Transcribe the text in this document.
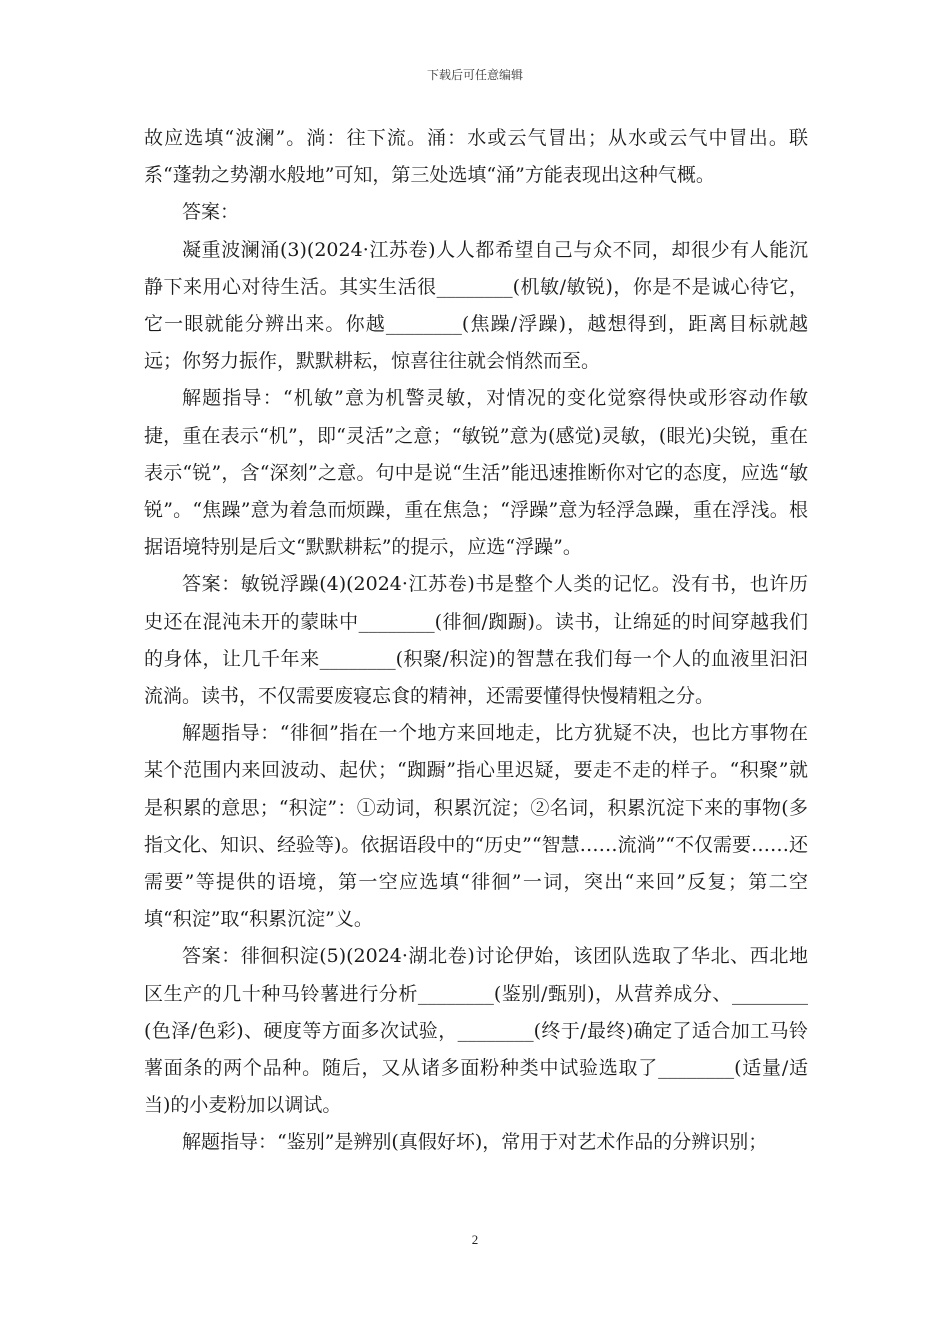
下载后可任意编辑

故应选填“波澜”。淌：往下流。涌：水或云气冒出；从水或云气中冒出。联系“蓬勃之势潮水般地”可知，第三处选填“涌”方能表现出这种气概。

答案：

凝重波澜涌(3)(2024·江苏卷)人人都希望自己与众不同，却很少有人能沉静下来用心对待生活。其实生活很________(机敏/敏锐)，你是不是诚心待它，它一眼就能分辨出来。你越________(焦躁/浮躁)，越想得到，距离目标就越远；你努力振作，默默耕耘，惊喜往往就会悄然而至。

解题指导：“机敏”意为机警灵敏，对情况的变化觉察得快或形容动作敏捷，重在表示“机”，即“灵活”之意；“敏锐”意为(感觉)灵敏，(眼光)尖锐，重在表示“锐”，含“深刻”之意。句中是说“生活”能迅速推断你对它的态度，应选“敏锐”。“焦躁”意为着急而烦躁，重在焦急；“浮躁”意为轻浮急躁，重在浮浅。根据语境特别是后文“默默耕耘”的提示，应选“浮躁”。

答案：敏锐浮躁(4)(2024·江苏卷)书是整个人类的记忆。没有书，也许历史还在混沌未开的蒙昧中________(徘徊/踟蹰)。读书，让绵延的时间穿越我们的身体，让几千年来________(积聚/积淀)的智慧在我们每一个人的血液里汩汩流淌。读书，不仅需要废寝忘食的精神，还需要懂得快慢精粗之分。

解题指导：“徘徊”指在一个地方来回地走，比方犹疑不决，也比方事物在某个范围内来回波动、起伏；“踟蹰”指心里迟疑，要走不走的样子。“积聚”就是积累的意思；“积淀”：①动词，积累沉淀；②名词，积累沉淀下来的事物(多指文化、知识、经验等)。依据语段中的“历史”“智慧……流淌”“不仅需要……还需要”等提供的语境，第一空应选填“徘徊”一词，突出“来回”反复；第二空填“积淀”取“积累沉淀”义。

答案：徘徊积淀(5)(2024·湖北卷)讨论伊始，该团队选取了华北、西北地区生产的几十种马铃薯进行分析________(鉴别/甄别)，从营养成分、________(色泽/色彩)、硬度等方面多次试验，________(终于/最终)确定了适合加工马铃薯面条的两个品种。随后，又从诸多面粉种类中试验选取了________(适量/适当)的小麦粉加以调试。

解题指导：“鉴别”是辨别(真假好坏)，常用于对艺术作品的分辨识别；

2
